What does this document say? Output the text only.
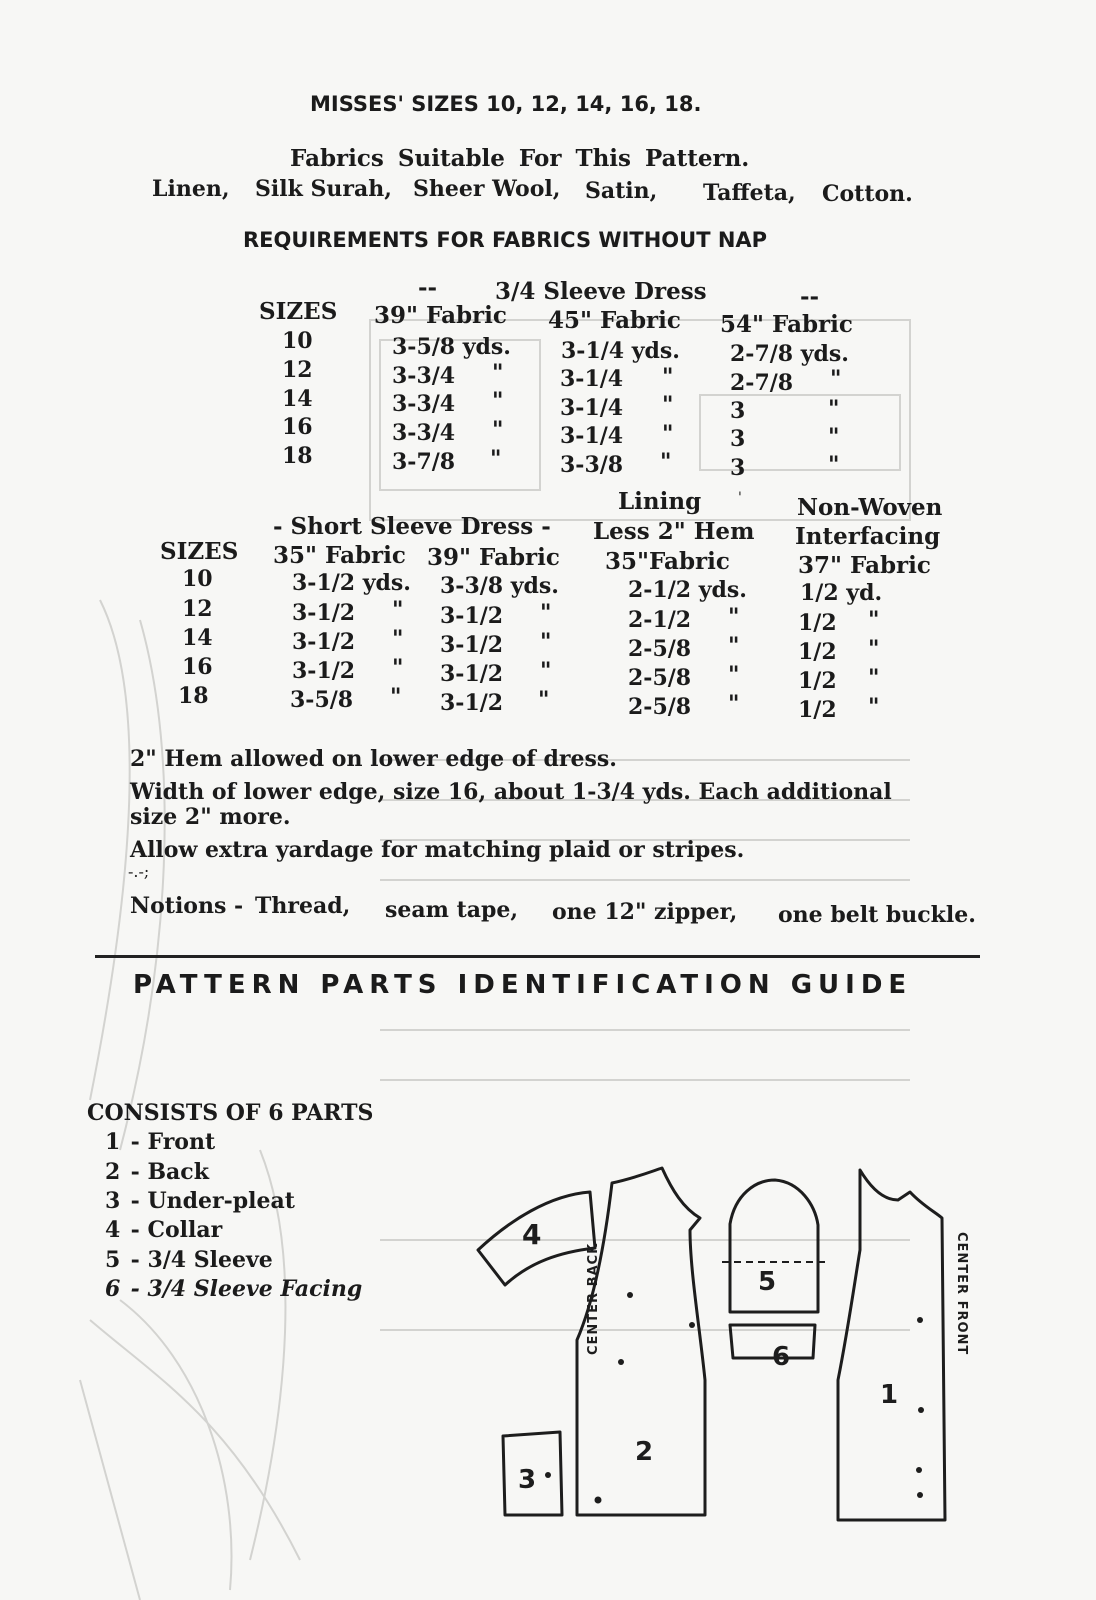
MISSES' SIZES 10, 12, 14, 16, 18.
Fabrics Suitable For This Pattern.
Linen, Silk Surah, Sheer Wool, Satin, Taffeta, Cotton.
REQUIREMENTS FOR FABRICS WITHOUT NAP
--	3/4 Sleeve Dress	--
SIZES 39" Fabric 45" Fabric 54" Fabric
10	3-5/8 yds. 3-1/4 yds. 2-7/8 yds.
12	3-3/4 "	3-1/4 "	2-7/8 "
14	3-3/4 "	3-1/4 "	3	"
16	3-3/4 "	3-1/4 "	3	"
18	3-7/8 "	3-3/8 "	3	"
Lining	' Non-Woven
- Short Sleeve Dress - Less 2" Hem Interfacing
SIZES 35" Fabric 39" Fabric 35"Fabric	37" Fabric
10	3-1/2 yds. 3-3/8 yds.	2-1/2 yds. 1/2 yd.
12	3-1/2 " 3-1/2 "	2-1/2 "	1/2 "
14	3-1/2 " 3-1/2 "	2-5/8 "	1/2 "
16	3-1/2 " 3-1/2 "	2-5/8 "	1/2 "
18	3-5/8 " 3-1/2 "	2-5/8 "	1/2 "
2" Hem allowed on lower edge of dress.
Width of lower edge, size 16, about 1-3/4 yds. Each additional
size 2" more.
Allow extra yardage for matching plaid or stripes.
-.-;
Notions - Thread, seam tape, one 12" zipper, one belt buckle.
PATTERN PARTS IDENTIFICATION GUIDE
CONSISTS OF 6 PARTS
1 - Front
2 - Back
3 - Under-pleat
4 - Collar
5 - 3/4 Sleeve
6 - 3/4 Sleeve Facing
4
2
3
5
6
1
CENTER BACK	CENTER FRONT
